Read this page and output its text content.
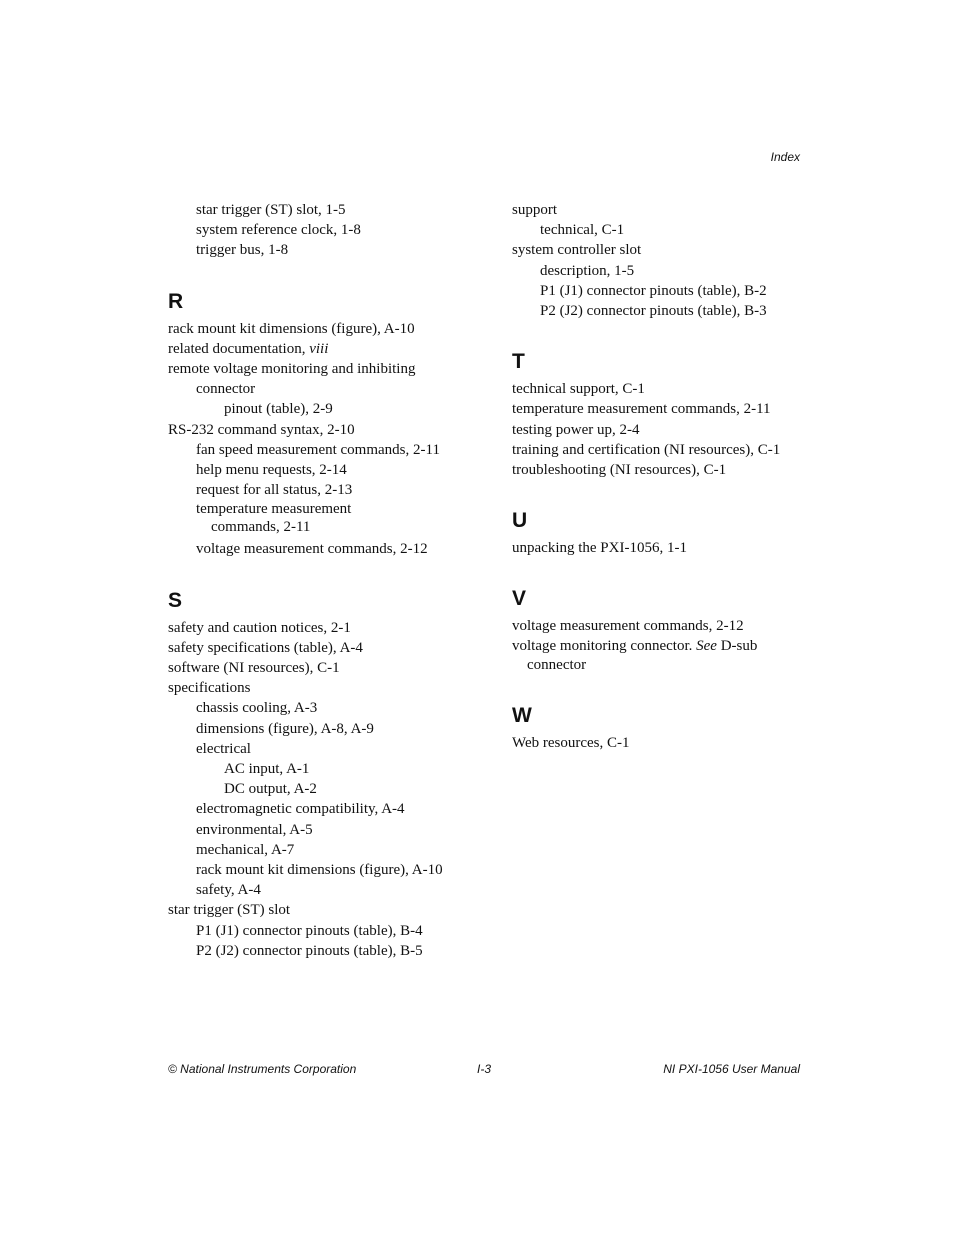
Index
star trigger (ST) slot, 1-5
system reference clock, 1-8
trigger bus, 1-8
R
rack mount kit dimensions (figure), A-10
related documentation, viii
remote voltage monitoring and inhibiting
connector
pinout (table), 2-9
RS-232 command syntax, 2-10
fan speed measurement commands, 2-11
help menu requests, 2-14
request for all status, 2-13
temperature measurement
commands, 2-11
voltage measurement commands, 2-12
S
safety and caution notices, 2-1
safety specifications (table), A-4
software (NI resources), C-1
specifications
chassis cooling, A-3
dimensions (figure), A-8, A-9
electrical
AC input, A-1
DC output, A-2
electromagnetic compatibility, A-4
environmental, A-5
mechanical, A-7
rack mount kit dimensions (figure), A-10
safety, A-4
star trigger (ST) slot
P1 (J1) connector pinouts (table), B-4
P2 (J2) connector pinouts (table), B-5
support
technical, C-1
system controller slot
description, 1-5
P1 (J1) connector pinouts (table), B-2
P2 (J2) connector pinouts (table), B-3
T
technical support, C-1
temperature measurement commands, 2-11
testing power up, 2-4
training and certification (NI resources), C-1
troubleshooting (NI resources), C-1
U
unpacking the PXI-1056, 1-1
V
voltage measurement commands, 2-12
voltage monitoring connector. See D-sub
connector
W
Web resources, C-1
© National Instruments Corporation	I-3	NI PXI-1056 User Manual
